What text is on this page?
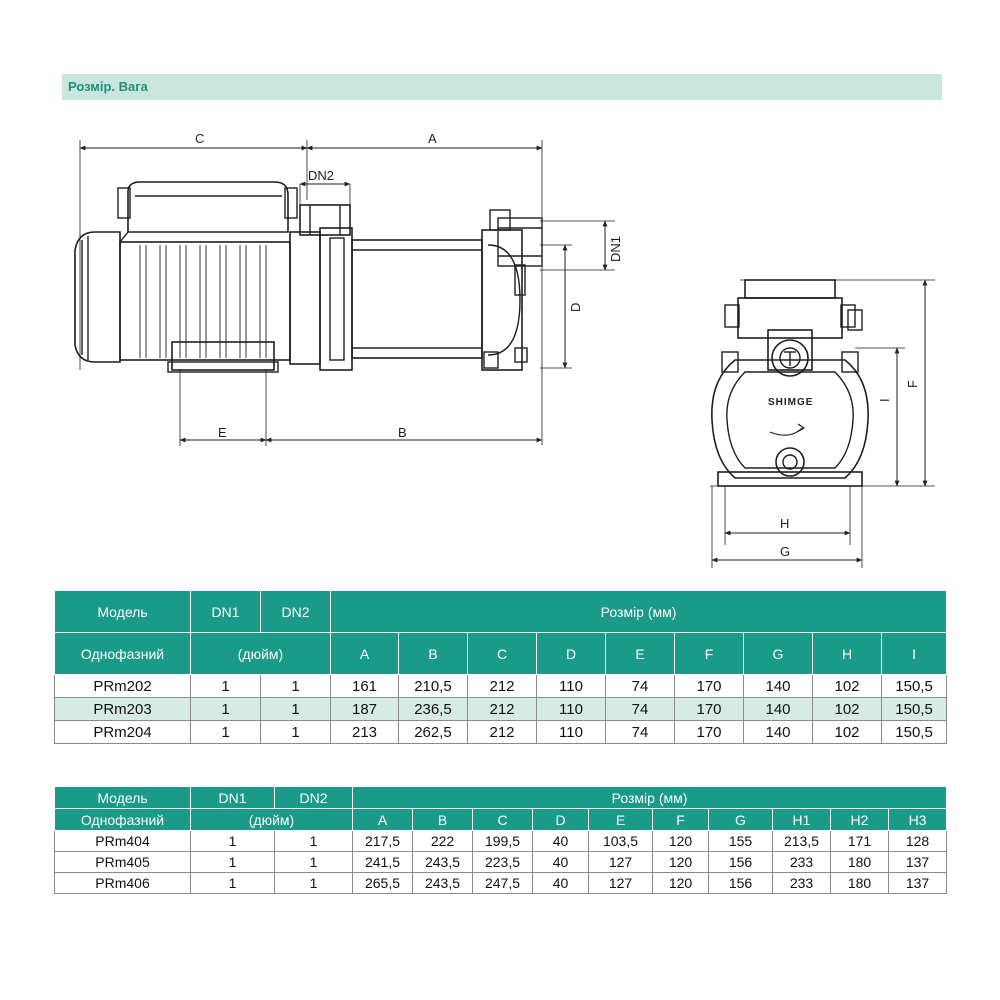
Розмір. Вага
C	A
DN2
DN1
D
E	B
SHIMGE
F
I
H
G
Модель	DN1	DN2	Розмір (мм)								
Однофазний	(дюйм)		A	B	C	D	E	F	G	H	I
PRm202	1	1	161	210,5	212	110	74	170	140	102	150,5
PRm203	1	1	187	236,5	212	110	74	170	140	102	150,5
PRm204	1	1	213	262,5	212	110	74	170	140	102	150,5
Модель	DN1	DN2	Розмір (мм)									
Однофазний	(дюйм)		A	B	C	D	E	F	G	H1	H2	H3
PRm404	1	1	217,5	222	199,5	40	103,5	120	155	213,5	171	128
PRm405	1	1	241,5	243,5	223,5	40	127	120	156	233	180	137
PRm406	1	1	265,5	243,5	247,5	40	127	120	156	233	180	137
